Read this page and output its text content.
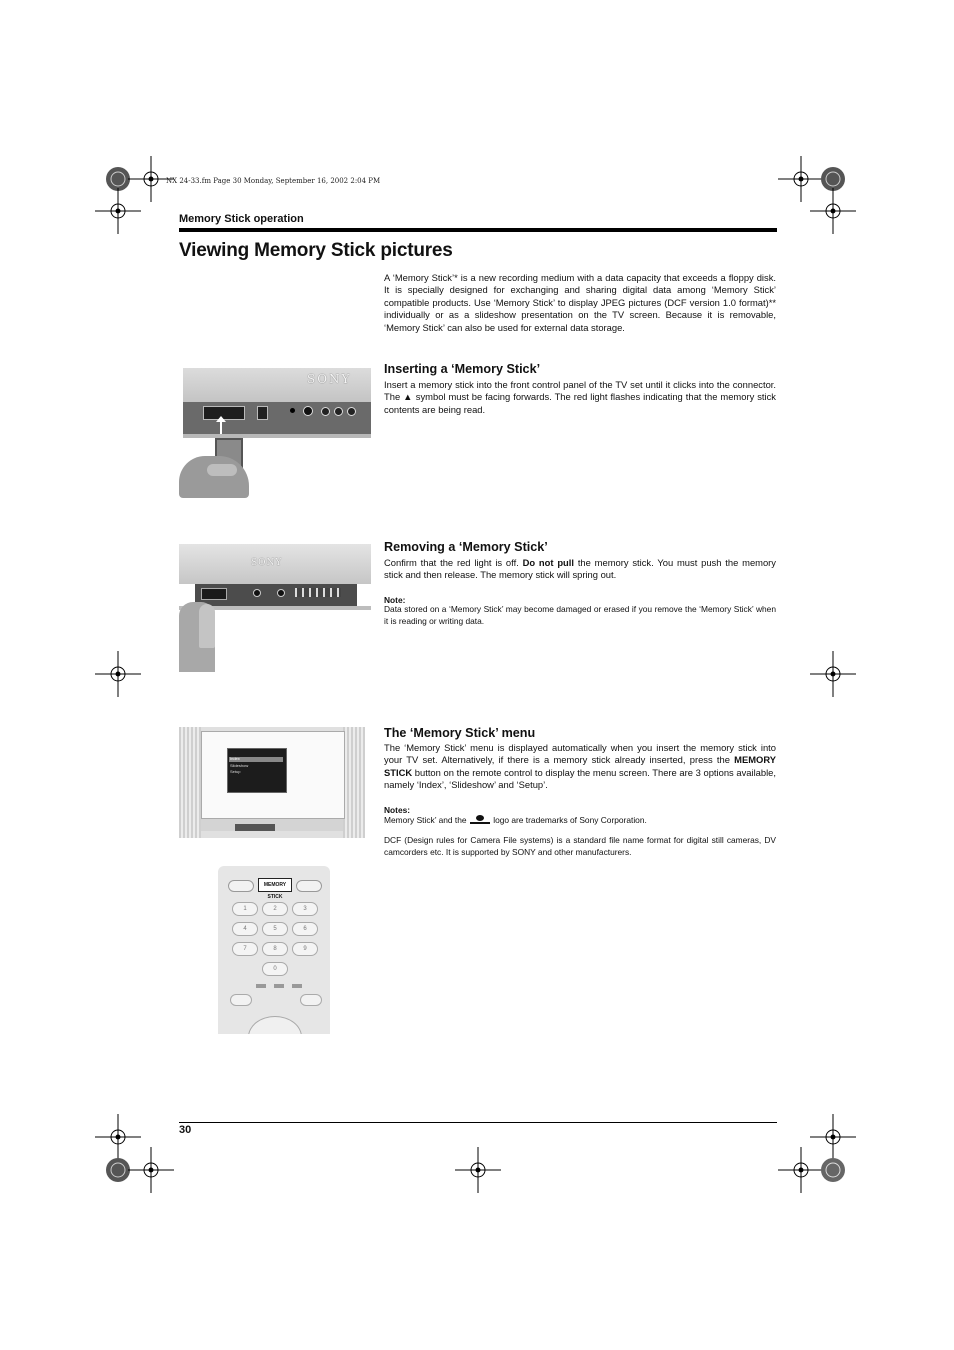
NX 24-33.fm Page 30 Monday, September 16, 2002 2:04 PM
Memory Stick operation
Viewing Memory Stick pictures
A ‘Memory Stick’* is a new recording medium with a data capacity that exceeds a floppy disk. It is specially designed for exchanging and sharing digital data among ‘Memory Stick’ compatible products. Use ‘Memory Stick’ to display JPEG pictures (DCF version 1.0 format)** individually or as a slideshow presentation on the TV screen. Because it is removable, ‘Memory Stick’ can also be used for external data storage.
Inserting a ‘Memory Stick’
Insert a memory stick into the front control panel of the TV set until it clicks into the connector. The ▲ symbol must be facing forwards. The red light flashes indicating that the memory stick contents are being read.
SONY
Removing a ‘Memory Stick’
Confirm that the red light is off. Do not pull the memory stick. You must push the memory stick and then release. The memory stick will spring out.
Note:
Data stored on a ‘Memory Stick’ may become damaged or erased if you remove the ‘Memory Stick’ when it is reading or writing data.
SONY
The ‘Memory Stick’ menu
The ‘Memory Stick’ menu is displayed automatically when you insert the memory stick into your TV set. Alternatively, if there is a memory stick already inserted, press the MEMORY STICK button on the remote control to display the menu screen. There are 3 options available, namely ‘Index’, ‘Slideshow’ and ‘Setup’.
Notes:
Memory Stick’ and the	logo are trademarks of Sony Corporation.
DCF (Design rules for Camera File systems) is a standard file name format for digital still cameras, DV camcorders etc. It is supported by SONY and other manufacturers.
Index
Slideshow
Setup
MEMORY STICK
1	2	3
4	5	6
7	8	9
0
30
